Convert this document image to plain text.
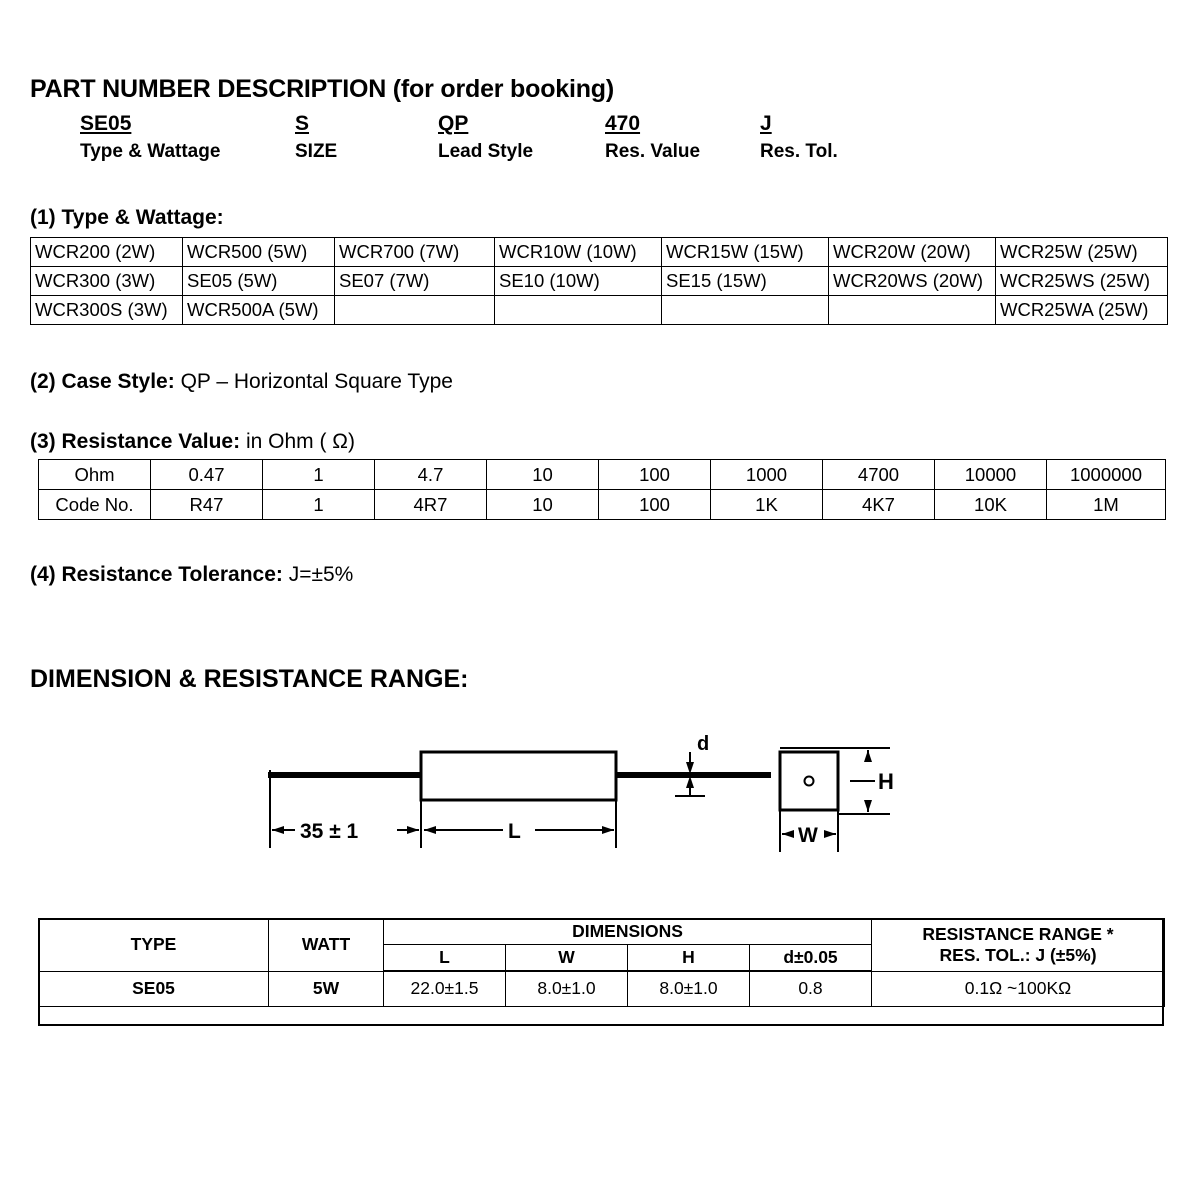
PART NUMBER DESCRIPTION (for order booking)
SE05
Type & Wattage
S
SIZE
QP
Lead Style
470
Res. Value
J
Res. Tol.
(1) Type & Wattage:
WCR200 (2W)	WCR500 (5W)	WCR700 (7W)	WCR10W (10W)	WCR15W (15W)	WCR20W (20W)	WCR25W (25W)
WCR300 (3W)	SE05 (5W)	SE07 (7W)	SE10 (10W)	SE15 (15W)	WCR20WS (20W)	WCR25WS (25W)
WCR300S (3W)	WCR500A (5W)					WCR25WA (25W)
(2) Case Style: QP – Horizontal Square Type
(3) Resistance Value: in Ohm ( Ω)
Ohm	0.47	1	4.7	10	100	1000	4700	10000	1000000
Code No.	R47	1	4R7	10	100	1K	4K7	10K	1M
(4) Resistance Tolerance: J=±5%
DIMENSION & RESISTANCE RANGE:
35 ± 1	L
d
H
W
TYPE	WATT	DIMENSIONS				RESISTANCE RANGE *
RES. TOL.: J (±5%)
		L	W	H	d±0.05	
SE05	5W	22.0±1.5	8.0±1.0	8.0±1.0	0.8	0.1Ω ~100KΩ
